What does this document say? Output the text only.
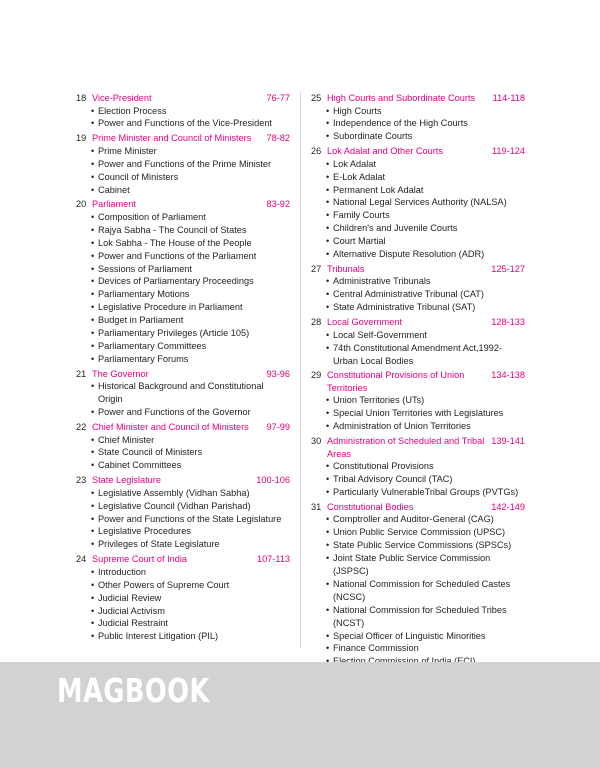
18 Vice-President	76-77
• Election Process
• Power and Functions of the Vice-President
19 Prime Minister and Council of Ministers	78-82
• Prime Minister
• Power and Functions of the Prime Minister
• Council of Ministers
• Cabinet
20 Parliament	83-92
• Composition of Parliament
• Rajya Sabha - The Council of States
• Lok Sabha - The House of the People
• Power and Functions of the Parliament
• Sessions of Parliament
• Devices of Parliamentary Proceedings
• Parliamentary Motions
• Legislative Procedure in Parliament
• Budget in Parliament
• Parliamentary Privileges (Article 105)
• Parliamentary Committees
• Parliamentary Forums
21 The Governor	93-96
• Historical Background and Constitutional Origin
• Power and Functions of the Governor
22 Chief Minister and Council of Ministers	97-99
• Chief Minister
• State Council of Ministers
• Cabinet Committees
23 State Legislature	100-106
• Legislative Assembly (Vidhan Sabha)
• Legislative Council (Vidhan Parishad)
• Power and Functions of the State Legislature
• Legislative Procedures
• Privileges of State Legislature
24 Supreme Court of India	107-113
• Introduction
• Other Powers of Supreme Court
• Judicial Review
• Judicial Activism
• Judicial Restraint
• Public Interest Litigation (PIL)
25 High Courts and Subordinate Courts	114-118
• High Courts
• Independence of the High Courts
• Subordinate Courts
26 Lok Adalat and Other Courts	119-124
• Lok Adalat
• E-Lok Adalat
• Permanent Lok Adalat
• National Legal Services Authority (NALSA)
• Family Courts
• Children's and Juvenile Courts
• Court Martial
• Alternative Dispute Resolution (ADR)
27 Tribunals	125-127
• Administrative Tribunals
• Central Administrative Tribunal (CAT)
• State Administrative Tribunal (SAT)
28 Local Government	128-133
• Local Self-Government
• 74th Constitutional Amendment Act,1992- Urban Local Bodies
29 Constitutional Provisions of Union Territories
134-138
• Union Territories (UTs)
• Special Union Territories with Legislatures
• Administration of Union Territories
30 Administration of Scheduled and Tribal Areas
139-141
• Constitutional Provisions
• Tribal Advisory Council (TAC)
• Particularly VulnerableTribal Groups (PVTGs)
31 Constitutional Bodies	142-149
• Comptroller and Auditor-General (CAG)
• Union Public Service Commission (UPSC)
• State Public Service Commissions (SPSCs)
• Joint State Public Service Commission (JSPSC)
• National Commission for Scheduled Castes (NCSC)
• National Commission for Scheduled Tribes (NCST)
• Special Officer of Linguistic Minorities
• Finance Commission
MAGBOOK
